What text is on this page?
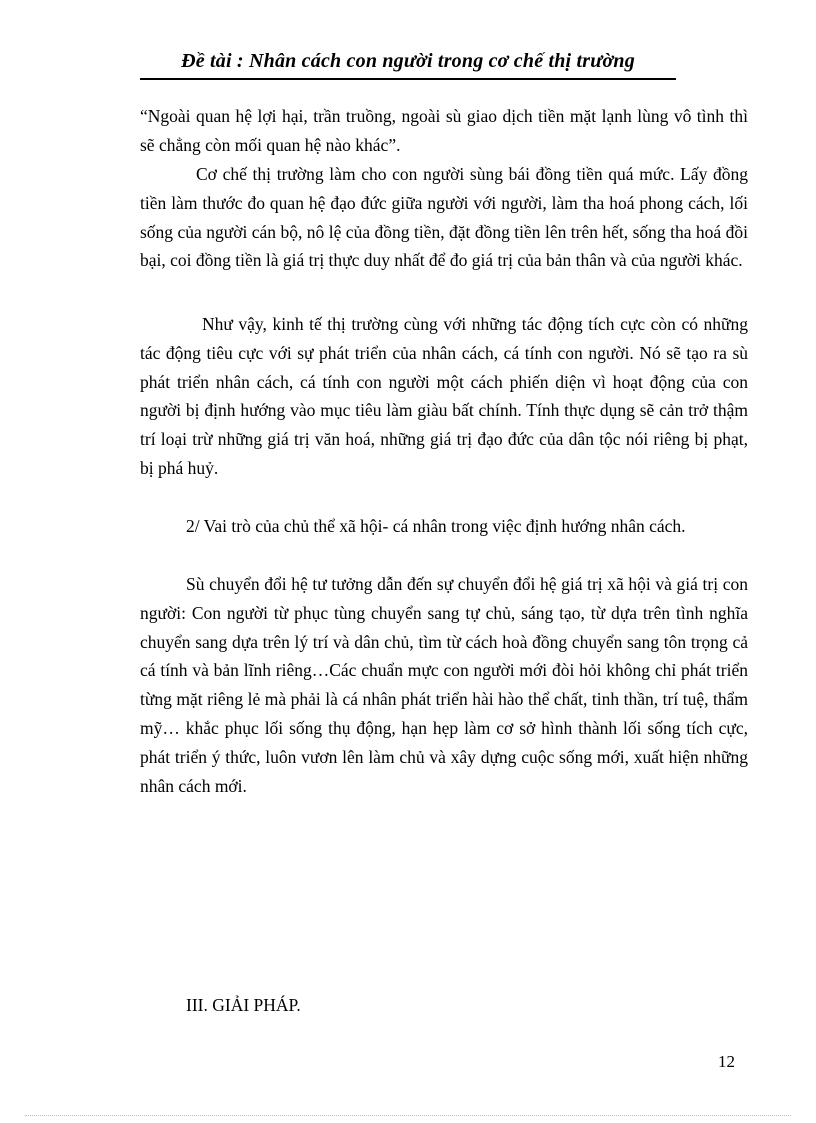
Đề tài : Nhân cách con người trong cơ chế thị trường

“Ngoài quan hệ lợi hại, trần truồng, ngoài sù giao dịch tiền mặt lạnh lùng vô tình thì sẽ chẳng còn mối quan hệ nào khác”.

Cơ chế thị trường làm cho con người sùng bái đồng tiền quá mức. Lấy đồng tiền làm thước đo quan hệ đạo đức giữa người với người, làm tha hoá phong cách, lối sống của người cán bộ, nô lệ của đồng tiền, đặt đồng tiền lên trên hết, sống tha hoá đồi bại, coi đồng tiền là giá trị thực duy nhất để đo giá trị của bản thân và của người khác.

Như vậy, kinh tế thị trường cùng với những tác động tích cực còn có những tác động tiêu cực với sự phát triển của nhân cách, cá tính con người. Nó sẽ tạo ra sù phát triển nhân cách, cá tính con người một cách phiến diện vì hoạt động của con người bị định hướng vào mục tiêu làm giàu bất chính. Tính thực dụng sẽ cản trở thậm trí loại trừ những giá trị văn hoá, những giá trị đạo đức của dân tộc nói riêng bị phạt, bị phá huỷ.

2/ Vai trò của chủ thể xã hội- cá nhân trong việc định hướng nhân cách.

Sù chuyển đổi hệ tư tưởng dẫn đến sự chuyển đổi hệ giá trị xã hội và giá trị con người: Con người từ phục tùng chuyển sang tự chủ, sáng tạo, từ dựa trên tình nghĩa chuyển sang dựa trên lý trí và dân chủ, tìm từ cách hoà đồng chuyển sang tôn trọng cả cá tính và bản lĩnh riêng…Các chuẩn mực con người mới đòi hỏi không chỉ phát triển từng mặt riêng lẻ mà phải là cá nhân phát triển hài hào thể chất, tinh thần, trí tuệ, thẩm mỹ… khắc phục lối sống thụ động, hạn hẹp làm cơ sở hình thành lối sống tích cực, phát triển ý thức, luôn vươn lên làm chủ và xây dựng cuộc sống mới, xuất hiện những nhân cách mới.

III. GIẢI PHÁP.

12
